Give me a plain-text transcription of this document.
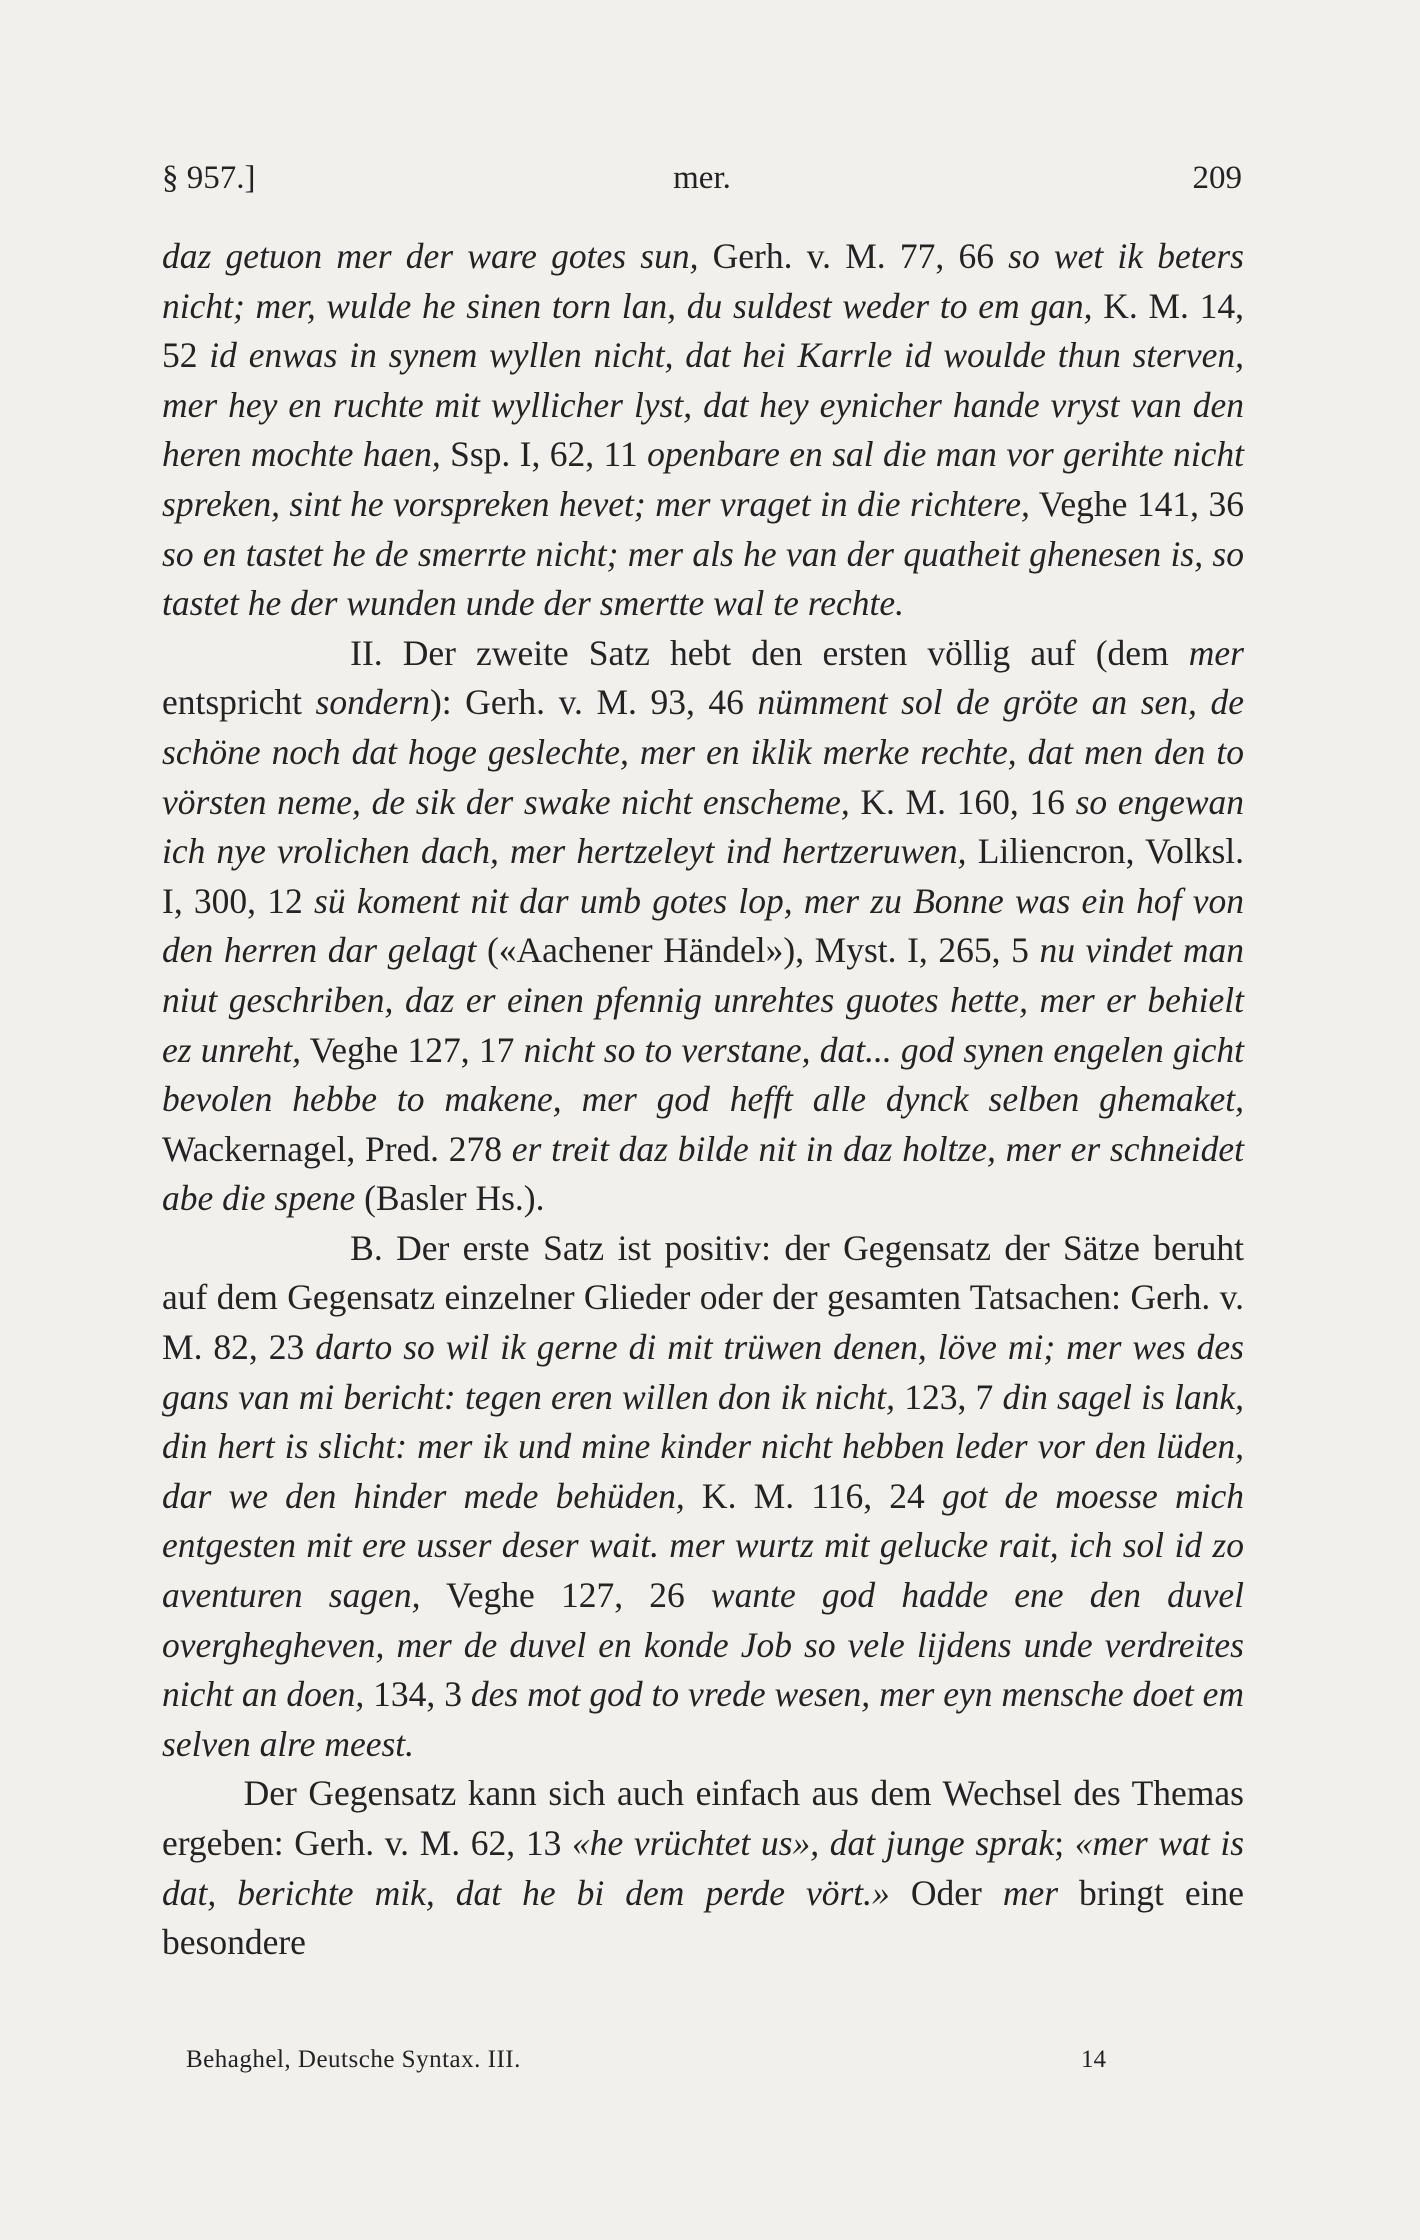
§ 957.]	mer.	209

daz getuon mer der ware gotes sun, Gerh. v. M. 77, 66 so wet ik beters nicht; mer, wulde he sinen torn lan, du suldest weder to em gan, K. M. 14, 52 id enwas in synem wyllen nicht, dat hei Karrle id woulde thun sterven, mer hey en ruchte mit wyllicher lyst, dat hey eynicher hande vryst van den heren mochte haen, Ssp. I, 62, 11 openbare en sal die man vor gerihte nicht spreken, sint he vorspreken hevet; mer vraget in die richtere, Veghe 141, 36 so en tastet he de smerrte nicht; mer als he van der quatheit ghenesen is, so tastet he der wunden unde der smertte wal te rechte.

II. Der zweite Satz hebt den ersten völlig auf (dem mer entspricht sondern): Gerh. v. M. 93, 46 nümment sol de gröte an sen, de schöne noch dat hoge geslechte, mer en iklik merke rechte, dat men den to vörsten neme, de sik der swake nicht enscheme, K. M. 160, 16 so engewan ich nye vrolichen dach, mer hertzeleyt ind hertzeruwen, Liliencron, Volksl. I, 300, 12 sü koment nit dar umb gotes lop, mer zu Bonne was ein hof von den herren dar gelagt («Aachener Händel»), Myst. I, 265, 5 nu vindet man niut geschriben, daz er einen pfennig unrehtes guotes hette, mer er behielt ez unreht, Veghe 127, 17 nicht so to verstane, dat... god synen engelen gicht bevolen hebbe to makene, mer god hefft alle dynck selben ghemaket, Wackernagel, Pred. 278 er treit daz bilde nit in daz holtze, mer er schneidet abe die spene (Basler Hs.).

B. Der erste Satz ist positiv: der Gegensatz der Sätze beruht auf dem Gegensatz einzelner Glieder oder der gesamten Tatsachen: Gerh. v. M. 82, 23 darto so wil ik gerne di mit trüwen denen, löve mi; mer wes des gans van mi bericht: tegen eren willen don ik nicht, 123, 7 din sagel is lank, din hert is slicht: mer ik und mine kinder nicht hebben leder vor den lüden, dar we den hinder mede behüden, K. M. 116, 24 got de moesse mich entgesten mit ere usser deser wait. mer wurtz mit gelucke rait, ich sol id zo aventuren sagen, Veghe 127, 26 wante god hadde ene den duvel overghegheven, mer de duvel en konde Job so vele lijdens unde verdreites nicht an doen, 134, 3 des mot god to vrede wesen, mer eyn mensche doet em selven alre meest.

Der Gegensatz kann sich auch einfach aus dem Wechsel des Themas ergeben: Gerh. v. M. 62, 13 «he vrüchtet us», dat junge sprak; «mer wat is dat, berichte mik, dat he bi dem perde vört.» Oder mer bringt eine besondere

Behaghel, Deutsche Syntax. III.	14
